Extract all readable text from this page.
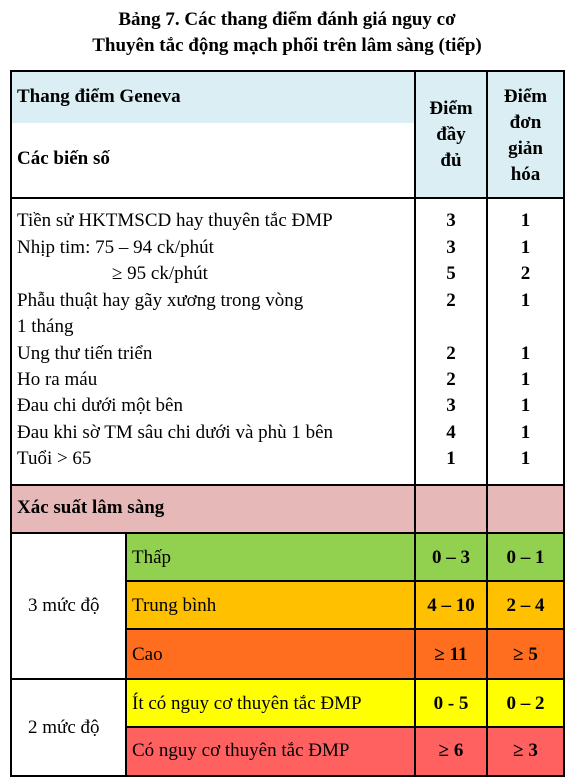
Bảng 7. Các thang điểm đánh giá nguy cơ
Thuyên tắc động mạch phổi trên lâm sàng (tiếp)
Thang điểm Geneva
Các biến số
Điểm
đầy
đủ
Điểm
đơn
giản
hóa
Tiền sử HKTMSCD hay thuyên tắc ĐMP	3	1
Nhịp tim: 75 – 94 ck/phút	3	1
≥ 95 ck/phút	5	2
Phẫu thuật hay gãy xương trong vòng	2	1
1 tháng
Ung thư tiến triển	2	1
Ho ra máu	2	1
Đau chi dưới một bên	3	1
Đau khi sờ TM sâu chi dưới và phù 1 bên	4	1
Tuổi > 65	1	1
Xác suất lâm sàng
3 mức độ
Thấp	0 – 3	0 – 1
Trung bình	4 – 10	2 – 4
Cao	≥ 11	≥ 5
2 mức độ
Ít có nguy cơ thuyên tắc ĐMP	0 - 5	0 – 2
Có nguy cơ thuyên tắc ĐMP	≥ 6	≥ 3
